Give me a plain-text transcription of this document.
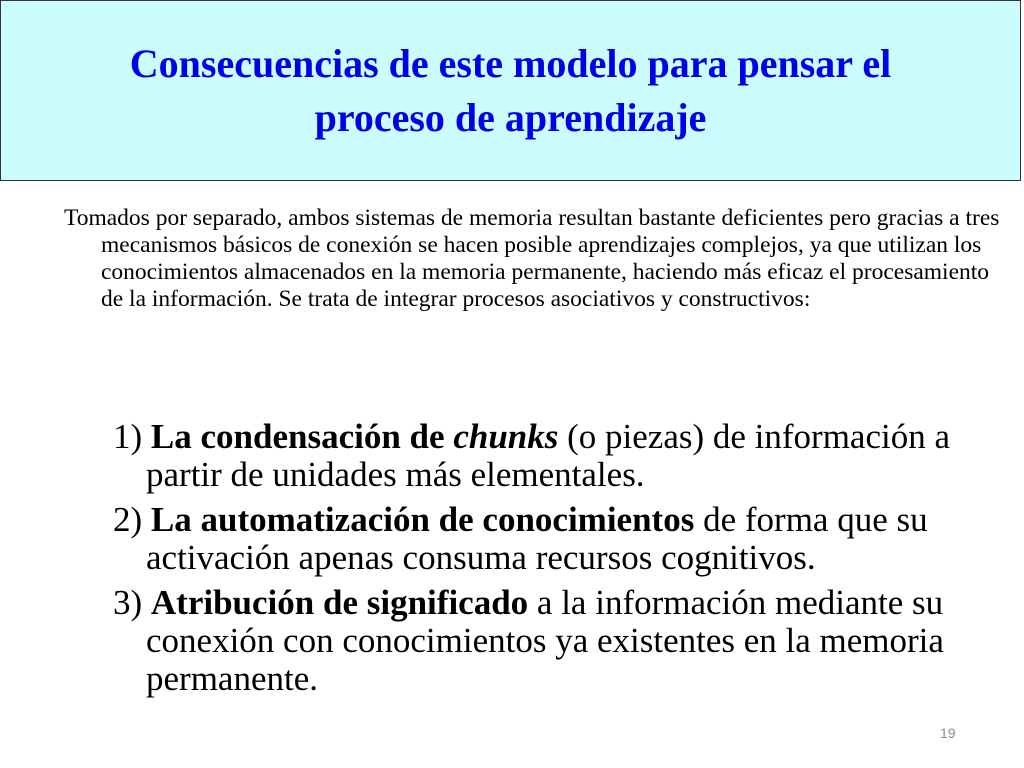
Consecuencias de este modelo para pensar el
proceso de aprendizaje

Tomados por separado, ambos sistemas de memoria resultan bastante deficientes pero gracias a tres mecanismos básicos de conexión se hacen posible aprendizajes complejos, ya que utilizan los conocimientos almacenados en la memoria permanente, haciendo más eficaz el procesamiento de la información. Se trata de integrar procesos asociativos y constructivos:

1) La condensación de chunks (o piezas) de información a partir de unidades más elementales.
2) La automatización de conocimientos de forma que su activación apenas consuma recursos cognitivos.
3) Atribución de significado a la información mediante su conexión con conocimientos ya existentes en la memoria permanente.
19
